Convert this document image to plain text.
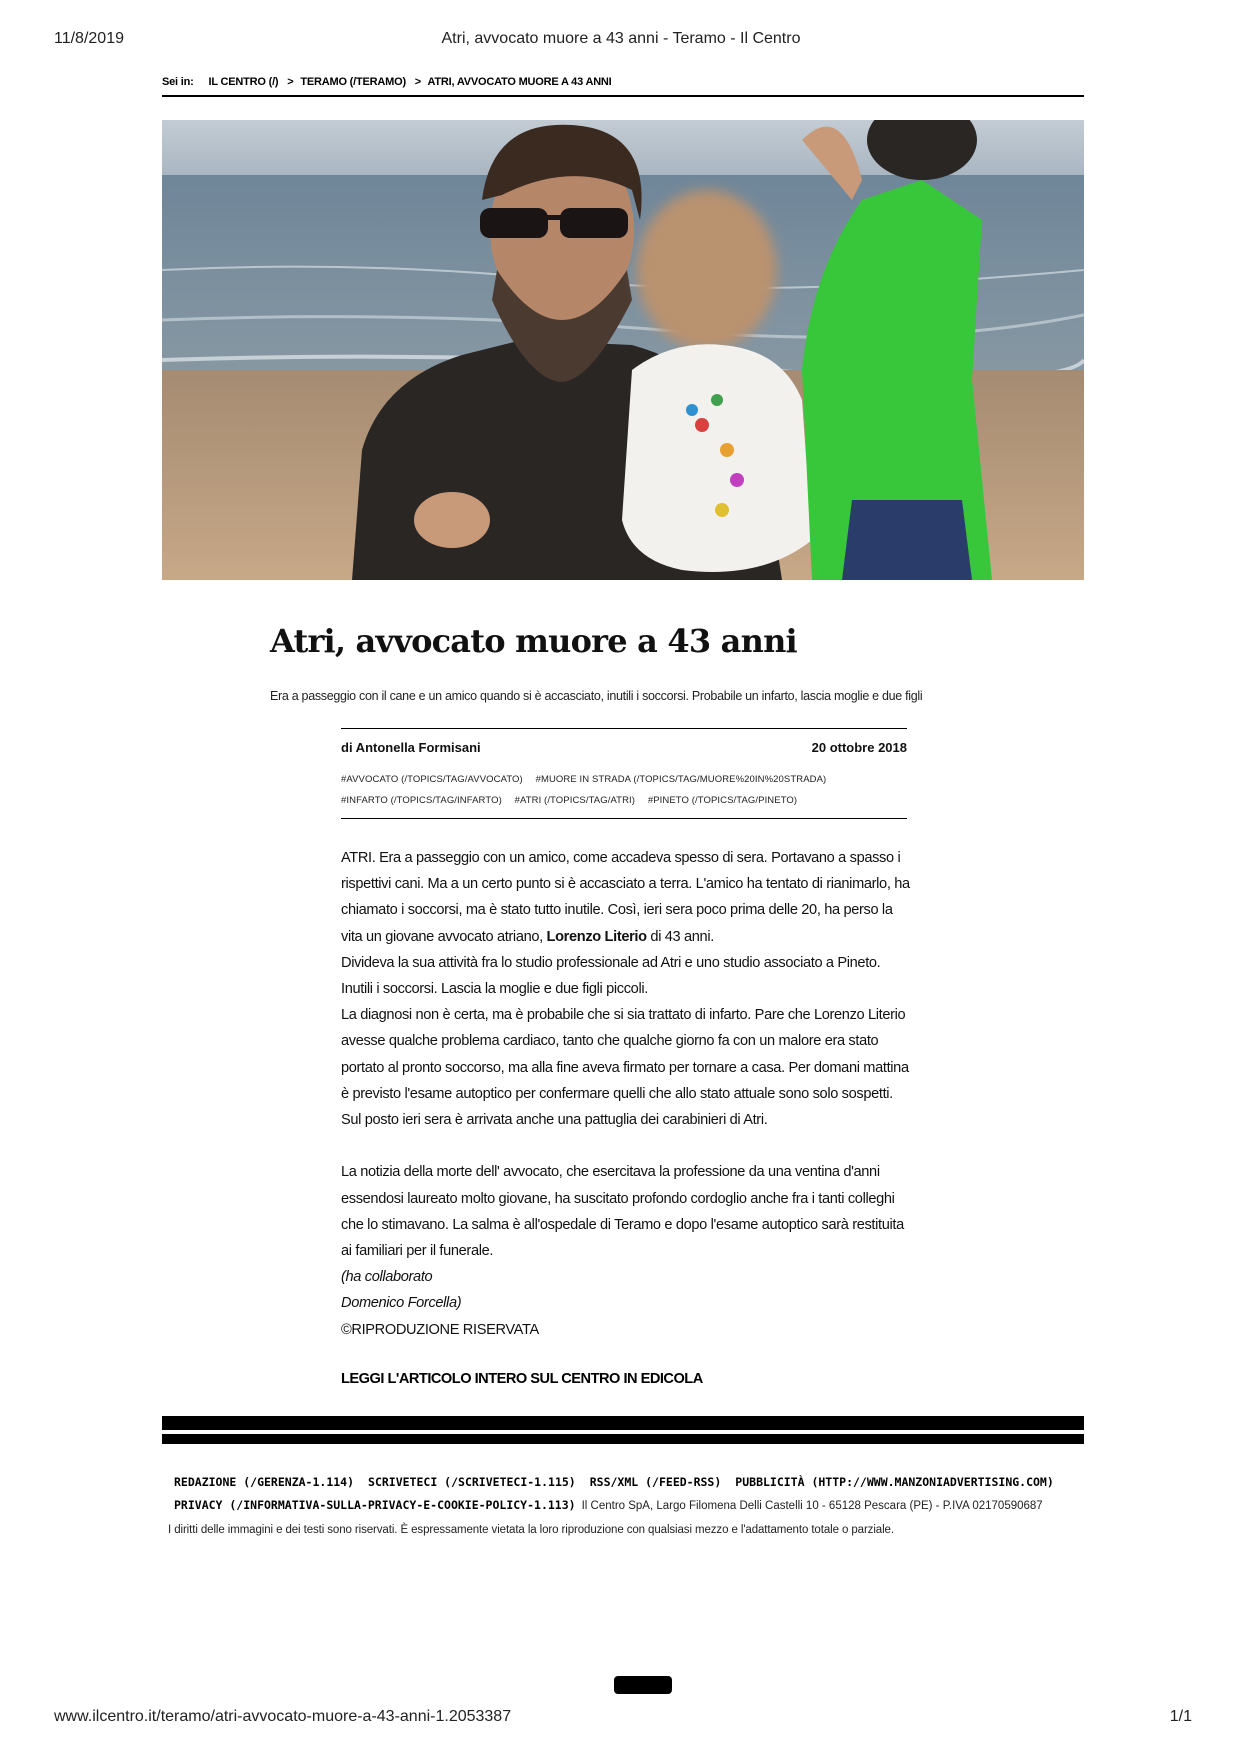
11/8/2019	Atri, avvocato muore a 43 anni - Teramo - Il Centro
Sei in: IL CENTRO (/) > TERAMO (/TERAMO) > ATRI, AVVOCATO MUORE A 43 ANNI
Atri, avvocato muore a 43 anni
Era a passeggio con il cane e un amico quando si è accasciato, inutili i soccorsi. Probabile un infarto, lascia moglie e due figli
di Antonella Formisani	20 ottobre 2018
#AVVOCATO (/TOPICS/TAG/AVVOCATO) #MUORE IN STRADA (/TOPICS/TAG/MUORE%20IN%20STRADA)
#INFARTO (/TOPICS/TAG/INFARTO) #ATRI (/TOPICS/TAG/ATRI) #PINETO (/TOPICS/TAG/PINETO)

ATRI. Era a passeggio con un amico, come accadeva spesso di sera. Portavano a spasso i rispettivi cani. Ma a un certo punto si è accasciato a terra. L'amico ha tentato di rianimarlo, ha chiamato i soccorsi, ma è stato tutto inutile. Così, ieri sera poco prima delle 20, ha perso la vita un giovane avvocato atriano, Lorenzo Literio di 43 anni.

Divideva la sua attività fra lo studio professionale ad Atri e uno studio associato a Pineto.

Inutili i soccorsi. Lascia la moglie e due figli piccoli.

La diagnosi non è certa, ma è probabile che si sia trattato di infarto. Pare che Lorenzo Literio avesse qualche problema cardiaco, tanto che qualche giorno fa con un malore era stato portato al pronto soccorso, ma alla fine aveva firmato per tornare a casa. Per domani mattina è previsto l'esame autoptico per confermare quelli che allo stato attuale sono solo sospetti. Sul posto ieri sera è arrivata anche una pattuglia dei carabinieri di Atri.

La notizia della morte dell' avvocato, che esercitava la professione da una ventina d'anni essendosi laureato molto giovane, ha suscitato profondo cordoglio anche fra i tanti colleghi che lo stimavano. La salma è all'ospedale di Teramo e dopo l'esame autoptico sarà restituita ai familiari per il funerale.

(ha collaborato

Domenico Forcella)

©RIPRODUZIONE RISERVATA

LEGGI L'ARTICOLO INTERO SUL CENTRO IN EDICOLA
REDAZIONE (/GERENZA-1.114) SCRIVETECI (/SCRIVETECI-1.115) RSS/XML (/FEED-RSS) PUBBLICITÀ (HTTP://WWW.MANZONIADVERTISING.COM)
PRIVACY (/INFORMATIVA-SULLA-PRIVACY-E-COOKIE-POLICY-1.113) Il Centro SpA, Largo Filomena Delli Castelli 10 - 65128 Pescara (PE) - P.IVA 02170590687
I diritti delle immagini e dei testi sono riservati. È espressamente vietata la loro riproduzione con qualsiasi mezzo e l'adattamento totale o parziale.
www.ilcentro.it/teramo/atri-avvocato-muore-a-43-anni-1.2053387	1/1
